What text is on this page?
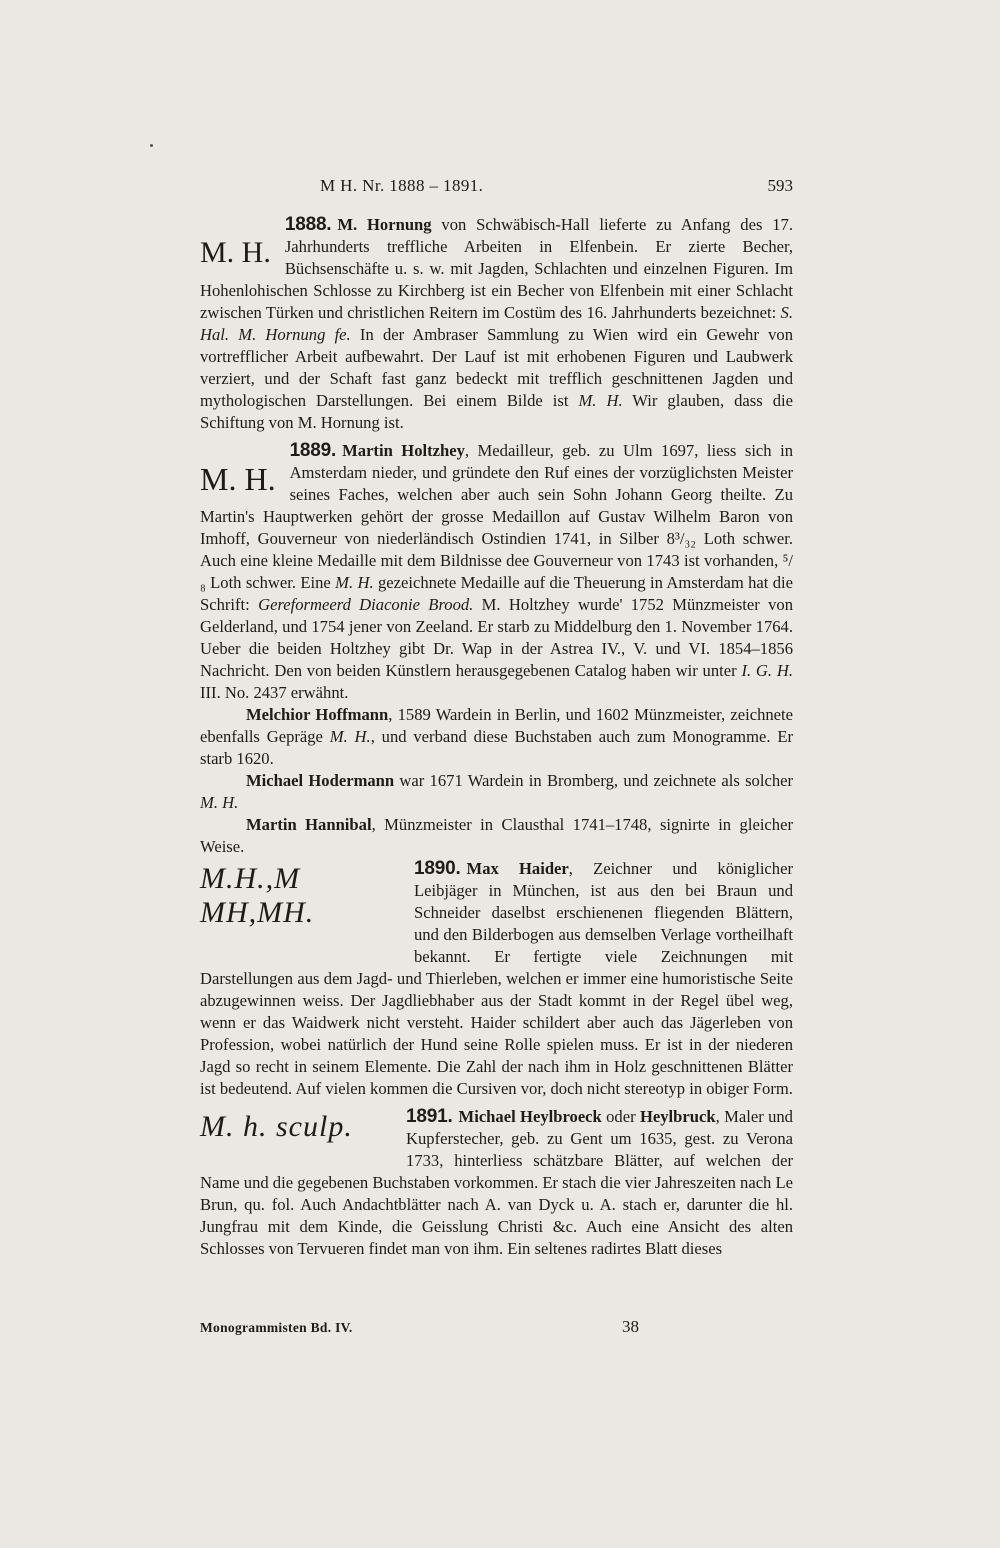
M H. Nr. 1888 – 1891.	593

M. H.
1888. M. Hornung von Schwäbisch-Hall lieferte zu Anfang des 17. Jahrhunderts treffliche Arbeiten in Elfenbein. Er zierte Becher, Büchsenschäfte u. s. w. mit Jagden, Schlachten und einzelnen Figuren. Im Hohenlohischen Schlosse zu Kirchberg ist ein Becher von Elfenbein mit einer Schlacht zwischen Türken und christlichen Reitern im Costüm des 16. Jahrhunderts bezeichnet: S. Hal. M. Hornung fe. In der Ambraser Sammlung zu Wien wird ein Gewehr von vortrefflicher Arbeit aufbewahrt. Der Lauf ist mit erhobenen Figuren und Laubwerk verziert, und der Schaft fast ganz bedeckt mit trefflich geschnittenen Jagden und mythologischen Darstellungen. Bei einem Bilde ist M. H. Wir glauben, dass die Schiftung von M. Hornung ist.

M. H.
1889. Martin Holtzhey, Medailleur, geb. zu Ulm 1697, liess sich in Amsterdam nieder, und gründete den Ruf eines der vorzüglichsten Meister seines Faches, welchen aber auch sein Sohn Johann Georg theilte. Zu Martin's Hauptwerken gehört der grosse Medaillon auf Gustav Wilhelm Baron von Imhoff, Gouverneur von niederländisch Ostindien 1741, in Silber 8³/₃₂ Loth schwer. Auch eine kleine Medaille mit dem Bildnisse dee Gouverneur von 1743 ist vorhanden, ⁵/₈ Loth schwer. Eine M. H. gezeichnete Medaille auf die Theuerung in Amsterdam hat die Schrift: Gereformeerd Diaconie Brood. M. Holtzhey wurde' 1752 Münzmeister von Gelderland, und 1754 jener von Zeeland. Er starb zu Middelburg den 1. November 1764. Ueber die beiden Holtzhey gibt Dr. Wap in der Astrea IV., V. und VI. 1854–1856 Nachricht. Den von beiden Künstlern herausgegebenen Catalog haben wir unter I. G. H. III. No. 2437 erwähnt.

Melchior Hoffmann, 1589 Wardein in Berlin, und 1602 Münzmeister, zeichnete ebenfalls Gepräge M. H., und verband diese Buchstaben auch zum Monogramme. Er starb 1620.

Michael Hodermann war 1671 Wardein in Bromberg, und zeichnete als solcher M. H.

Martin Hannibal, Münzmeister in Clausthal 1741–1748, signirte in gleicher Weise.

M.H.,M
MH,MH.
1890. Max Haider, Zeichner und königlicher Leibjäger in München, ist aus den bei Braun und Schneider daselbst erschienenen fliegenden Blättern, und den Bilderbogen aus demselben Verlage vortheilhaft bekannt. Er fertigte viele Zeichnungen mit Darstellungen aus dem Jagd- und Thierleben, welchen er immer eine humoristische Seite abzugewinnen weiss. Der Jagdliebhaber aus der Stadt kommt in der Regel übel weg, wenn er das Waidwerk nicht versteht. Haider schildert aber auch das Jägerleben von Profession, wobei natürlich der Hund seine Rolle spielen muss. Er ist in der niederen Jagd so recht in seinem Elemente. Die Zahl der nach ihm in Holz geschnittenen Blätter ist bedeutend. Auf vielen kommen die Cursiven vor, doch nicht stereotyp in obiger Form.

M. h. sculp.	1891. Michael Heylbroeck oder Heylbruck, Maler und Kupferstecher, geb. zu Gent um 1635, gest. zu Verona 1733, hinterliess schätzbare Blätter, auf welchen der Name und die gegebenen Buchstaben vorkommen. Er stach die vier Jahreszeiten nach Le Brun, qu. fol. Auch Andachtblätter nach A. van Dyck u. A. stach er, darunter die hl. Jungfrau mit dem Kinde, die Geisslung Christi &c. Auch eine Ansicht des alten Schlosses von Tervueren findet man von ihm. Ein seltenes radirtes Blatt dieses

Monogrammisten Bd. IV.	38
